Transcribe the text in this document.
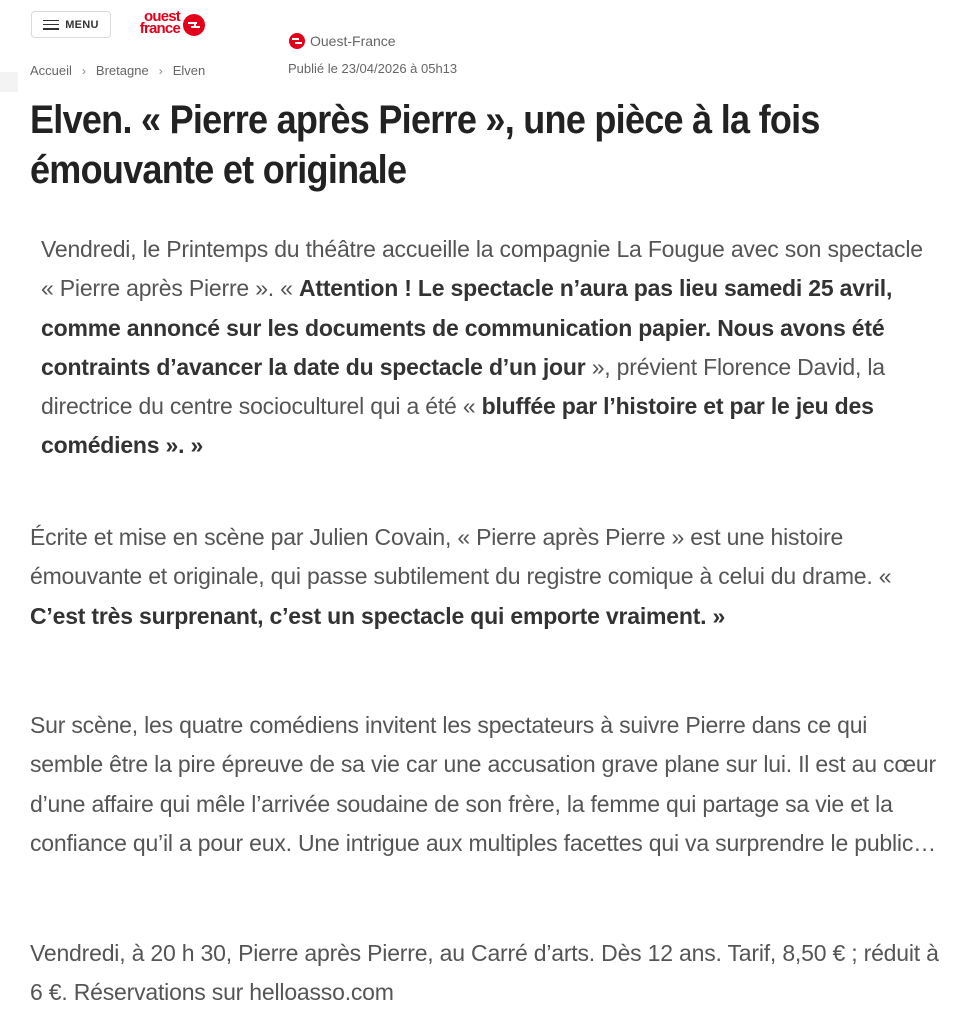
MENU	ouest
france
Ouest-France
Publié le 23/04/2026 à 05h13
Accueil › Bretagne › Elven
Elven. « Pierre après Pierre », une pièce à la fois émouvante et originale

Vendredi, le Printemps du théâtre accueille la compagnie La Fougue avec son spectacle « Pierre après Pierre ». « Attention ! Le spectacle n’aura pas lieu samedi 25 avril, comme annoncé sur les documents de communication papier. Nous avons été contraints d’avancer la date du spectacle d’un jour », prévient Florence David, la directrice du centre socioculturel qui a été « bluffée par l’histoire et par le jeu des comédiens ». »

Écrite et mise en scène par Julien Covain, « Pierre après Pierre » est une histoire émouvante et originale, qui passe subtilement du registre comique à celui du drame. « C’est très surprenant, c’est un spectacle qui emporte vraiment. »

Sur scène, les quatre comédiens invitent les spectateurs à suivre Pierre dans ce qui semble être la pire épreuve de sa vie car une accusation grave plane sur lui. Il est au cœur d’une affaire qui mêle l’arrivée soudaine de son frère, la femme qui partage sa vie et la confiance qu’il a pour eux. Une intrigue aux multiples facettes qui va surprendre le public…

Vendredi, à 20 h 30, Pierre après Pierre, au Carré d’arts. Dès 12 ans. Tarif, 8,50 € ; réduit à 6 €. Réservations sur helloasso.com
